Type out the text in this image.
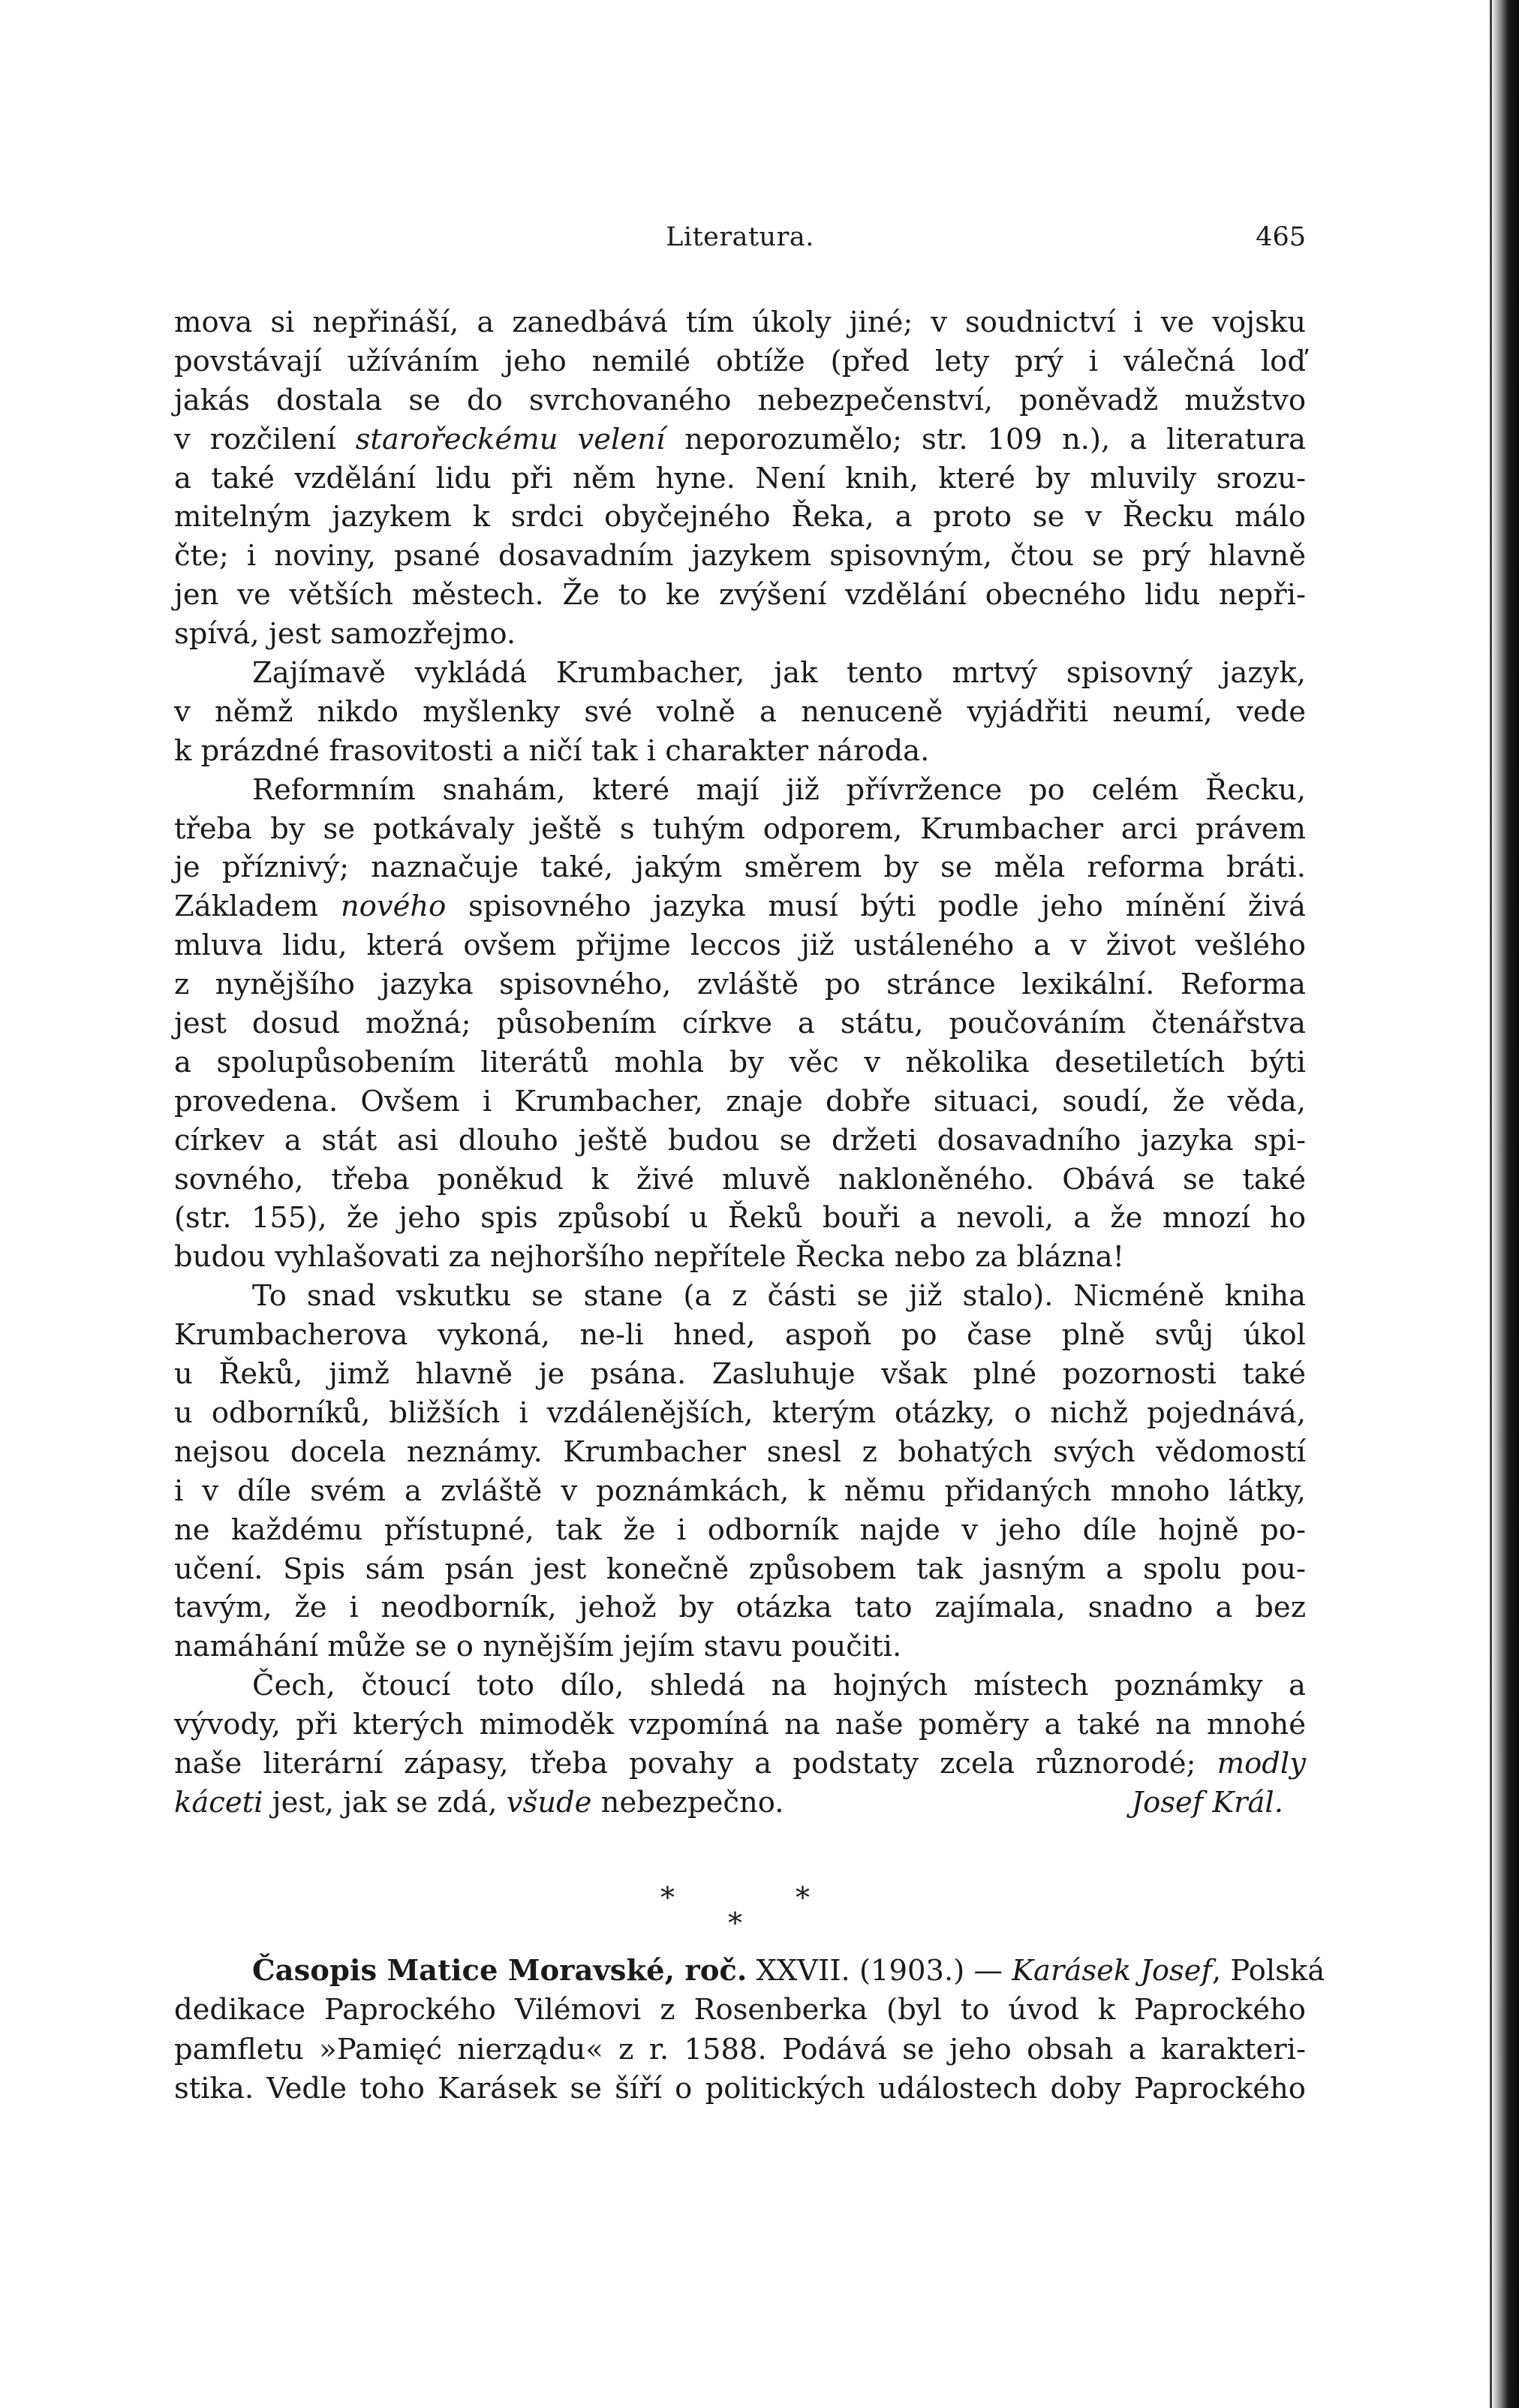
Literatura.	465
mova si nepřináší, a zanedbává tím úkoly jiné; v soudnictví i ve vojsku
povstávají užíváním jeho nemilé obtíže (před lety prý i válečná loď
jakás dostala se do svrchovaného nebezpečenství, poněvadž mužstvo
v rozčilení starořeckému velení neporozumělo; str. 109 n.), a literatura
a také vzdělání lidu při něm hyne. Není knih, které by mluvily srozu-
mitelným jazykem k srdci obyčejného Řeka, a proto se v Řecku málo
čte; i noviny, psané dosavadním jazykem spisovným, čtou se prý hlavně
jen ve větších městech. Že to ke zvýšení vzdělání obecného lidu nepři-
spívá, jest samozřejmo.
Zajímavě vykládá Krumbacher, jak tento mrtvý spisovný jazyk,
v němž nikdo myšlenky své volně a nenuceně vyjádřiti neumí, vede
k prázdné frasovitosti a ničí tak i charakter národa.
Reformním snahám, které mají již přívržence po celém Řecku,
třeba by se potkávaly ještě s tuhým odporem, Krumbacher arci právem
je příznivý; naznačuje také, jakým směrem by se měla reforma bráti.
Základem nového spisovného jazyka musí býti podle jeho mínění živá
mluva lidu, která ovšem přijme leccos již ustáleného a v život vešlého
z nynějšího jazyka spisovného, zvláště po stránce lexikální. Reforma
jest dosud možná; působením církve a státu, poučováním čtenářstva
a spolupůsobením literátů mohla by věc v několika desetiletích býti
provedena. Ovšem i Krumbacher, znaje dobře situaci, soudí, že věda,
církev a stát asi dlouho ještě budou se držeti dosavadního jazyka spi-
sovného, třeba poněkud k živé mluvě nakloněného. Obává se také
(str. 155), že jeho spis způsobí u Řeků bouři a nevoli, a že mnozí ho
budou vyhlašovati za nejhoršího nepřítele Řecka nebo za blázna!
To snad vskutku se stane (a z části se již stalo). Nicméně kniha
Krumbacherova vykoná, ne-li hned, aspoň po čase plně svůj úkol
u Řeků, jimž hlavně je psána. Zasluhuje však plné pozornosti také
u odborníků, bližších i vzdálenějších, kterým otázky, o nichž pojednává,
nejsou docela neznámy. Krumbacher snesl z bohatých svých vědomostí
i v díle svém a zvláště v poznámkách, k němu přidaných mnoho látky,
ne každému přístupné, tak že i odborník najde v jeho díle hojně po-
učení. Spis sám psán jest konečně způsobem tak jasným a spolu pou-
tavým, že i neodborník, jehož by otázka tato zajímala, snadno a bez
namáhání může se o nynějším jejím stavu poučiti.
Čech, čtoucí toto dílo, shledá na hojných místech poznámky a
vývody, při kterých mimoděk vzpomíná na naše poměry a také na mnohé
naše literární zápasy, třeba povahy a podstaty zcela různorodé; modly
káceti jest, jak se zdá, všude nebezpečno.	Josef Král.
*	*
*
Časopis Matice Moravské, roč. XXVII. (1903.) — Karásek Josef, Polská
dedikace Paprockého Vilémovi z Rosenberka (byl to úvod k Paprockého
pamfletu »Pamięć nierządu« z r. 1588. Podává se jeho obsah a karakteri-
stika. Vedle toho Karásek se šíří o politických událostech doby Paprockého
